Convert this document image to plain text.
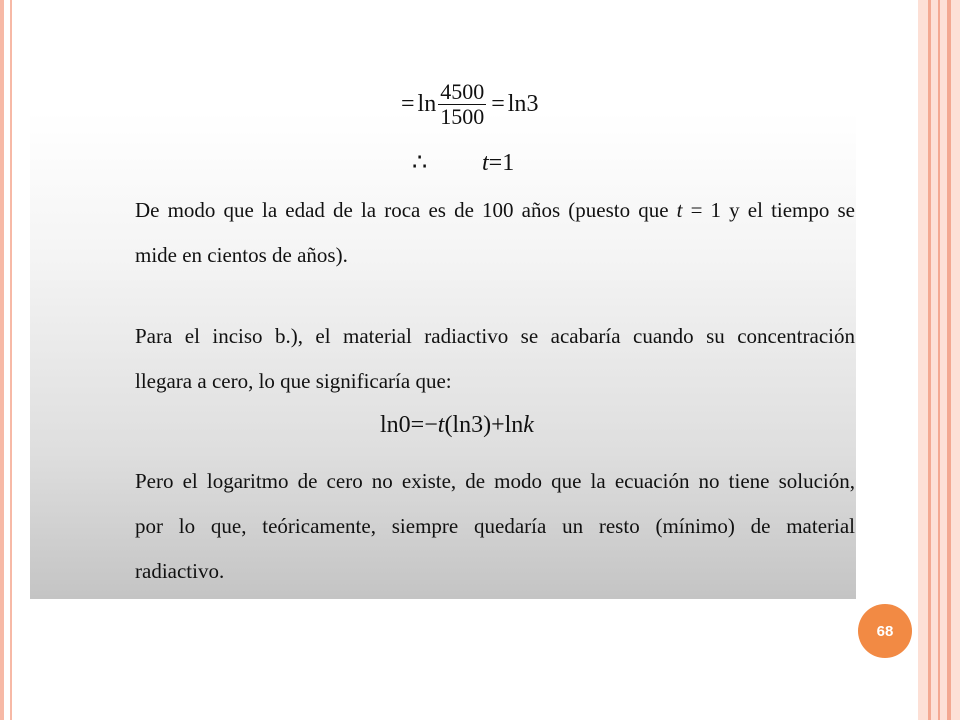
= $\ln \frac{4500}{1500} = \ln 3$
∴ t=1
De modo que la edad de la roca es de 100 años (puesto que t = 1 y el tiempo se
mide en cientos de años).
Para el inciso b.), el material radiactivo se acabaría cuando su concentración
llegara a cero, lo que significaría que:
ln0=−t(ln3)+lnk
Pero el logaritmo de cero no existe, de modo que la ecuación no tiene solución,
por lo que, teóricamente, siempre quedaría un resto (mínimo) de material
radiactivo.
68
